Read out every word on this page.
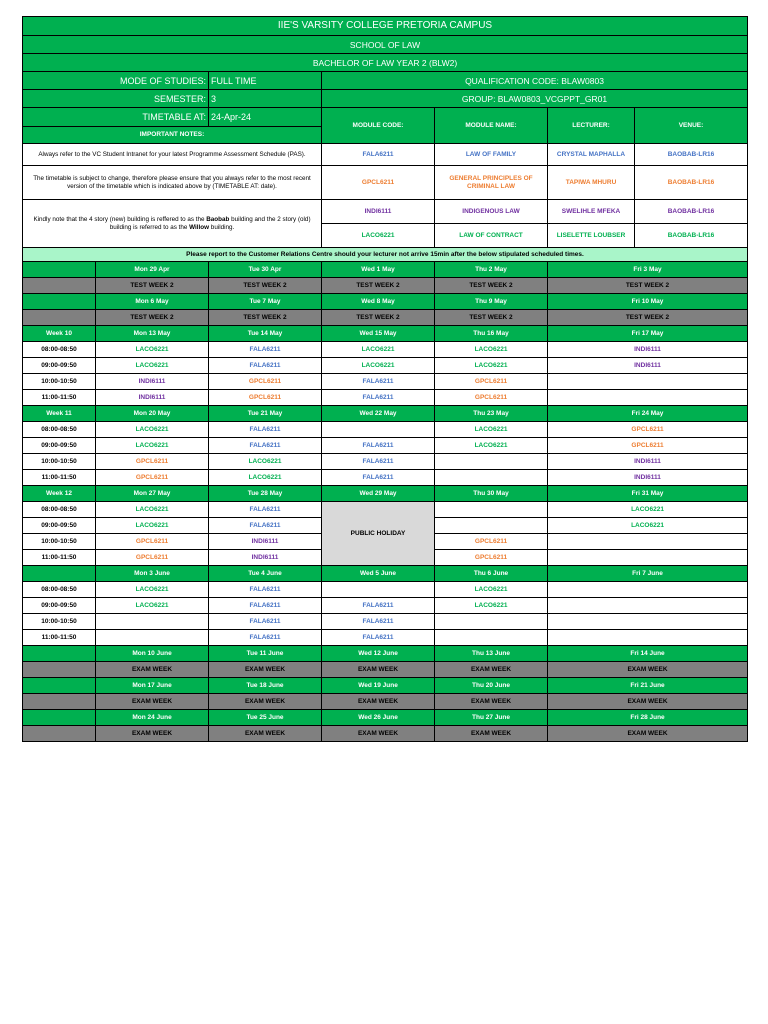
IIE'S VARSITY COLLEGE PRETORIA CAMPUS						
SCHOOL OF LAW						
BACHELOR OF LAW YEAR 2 (BLW2)						
MODE OF STUDIES:		FULL TIME	QUALIFICATION CODE: BLAW0803			
SEMESTER:		3	GROUP: BLAW0803_VCGPPT_GR01			
TIMETABLE AT:		24-Apr-24	MODULE CODE:	MODULE NAME:	LECTURER:	VENUE:
IMPORTANT NOTES:						
Always refer to the VC Student Intranet for your latest Programme Assessment Schedule (PAS).			FALA6211	LAW OF FAMILY	CRYSTAL MAPHALLA	BAOBAB-LR16
The timetable is subject to change, therefore please ensure that you always refer to the most recent version of the timetable which is indicated above by (TIMETABLE AT: date).			GPCL6211	GENERAL PRINCIPLES OF CRIMINAL LAW	TAPIWA MHURU	BAOBAB-LR16
Kindly note that the 4 story (new) building is reffered to as the Baobab building and the 2 story (old) building is referred to as the Willow building.			INDI6111	INDIGENOUS LAW	SWELIHLE MFEKA	BAOBAB-LR16
			LACO6221	LAW OF CONTRACT	LISELETTE LOUBSER	BAOBAB-LR16
Please report to the Customer Relations Centre should your lecturer not arrive 15min after the below stipulated scheduled times.						
	Mon 29 Apr	Tue 30 Apr	Wed 1 May	Thu 2 May	Fri 3 May	
	TEST WEEK 2	TEST WEEK 2	TEST WEEK 2	TEST WEEK 2	TEST WEEK 2	
	Mon 6 May	Tue 7 May	Wed 8 May	Thu 9 May	Fri 10 May	
	TEST WEEK 2	TEST WEEK 2	TEST WEEK 2	TEST WEEK 2	TEST WEEK 2	
Week 10	Mon 13 May	Tue 14 May	Wed 15 May	Thu 16 May	Fri 17 May	
08:00-08:50	LACO6221	FALA6211	LACO6221	LACO6221	INDI6111	
09:00-09:50	LACO6221	FALA6211	LACO6221	LACO6221	INDI6111	
10:00-10:50	INDI6111	GPCL6211	FALA6211	GPCL6211		
11:00-11:50	INDI6111	GPCL6211	FALA6211	GPCL6211		
Week 11	Mon 20 May	Tue 21 May	Wed 22 May	Thu 23 May	Fri 24 May	
08:00-08:50	LACO6221	FALA6211		LACO6221	GPCL6211	
09:00-09:50	LACO6221	FALA6211	FALA6211	LACO6221	GPCL6211	
10:00-10:50	GPCL6211	LACO6221	FALA6211		INDI6111	
11:00-11:50	GPCL6211	LACO6221	FALA6211		INDI6111	
Week 12	Mon 27 May	Tue 28 May	Wed 29 May	Thu 30 May	Fri 31 May	
08:00-08:50	LACO6221	FALA6211	PUBLIC HOLIDAY		LACO6221	
09:00-09:50	LACO6221	FALA6211			LACO6221	
10:00-10:50	GPCL6211	INDI6111		GPCL6211		
11:00-11:50	GPCL6211	INDI6111		GPCL6211		
	Mon 3 June	Tue 4 June	Wed 5 June	Thu 6 June	Fri 7 June	
08:00-08:50	LACO6221	FALA6211		LACO6221		
09:00-09:50	LACO6221	FALA6211	FALA6211	LACO6221		
10:00-10:50		FALA6211	FALA6211			
11:00-11:50		FALA6211	FALA6211			
	Mon 10 June	Tue 11 June	Wed 12 June	Thu 13 June	Fri 14 June	
	EXAM WEEK	EXAM WEEK	EXAM WEEK	EXAM WEEK	EXAM WEEK	
	Mon 17 June	Tue 18 June	Wed 19 June	Thu 20 June	Fri 21 June	
	EXAM WEEK	EXAM WEEK	EXAM WEEK	EXAM WEEK	EXAM WEEK	
	Mon 24 June	Tue 25 June	Wed 26 June	Thu 27 June	Fri 28 June	
	EXAM WEEK	EXAM WEEK	EXAM WEEK	EXAM WEEK	EXAM WEEK	
